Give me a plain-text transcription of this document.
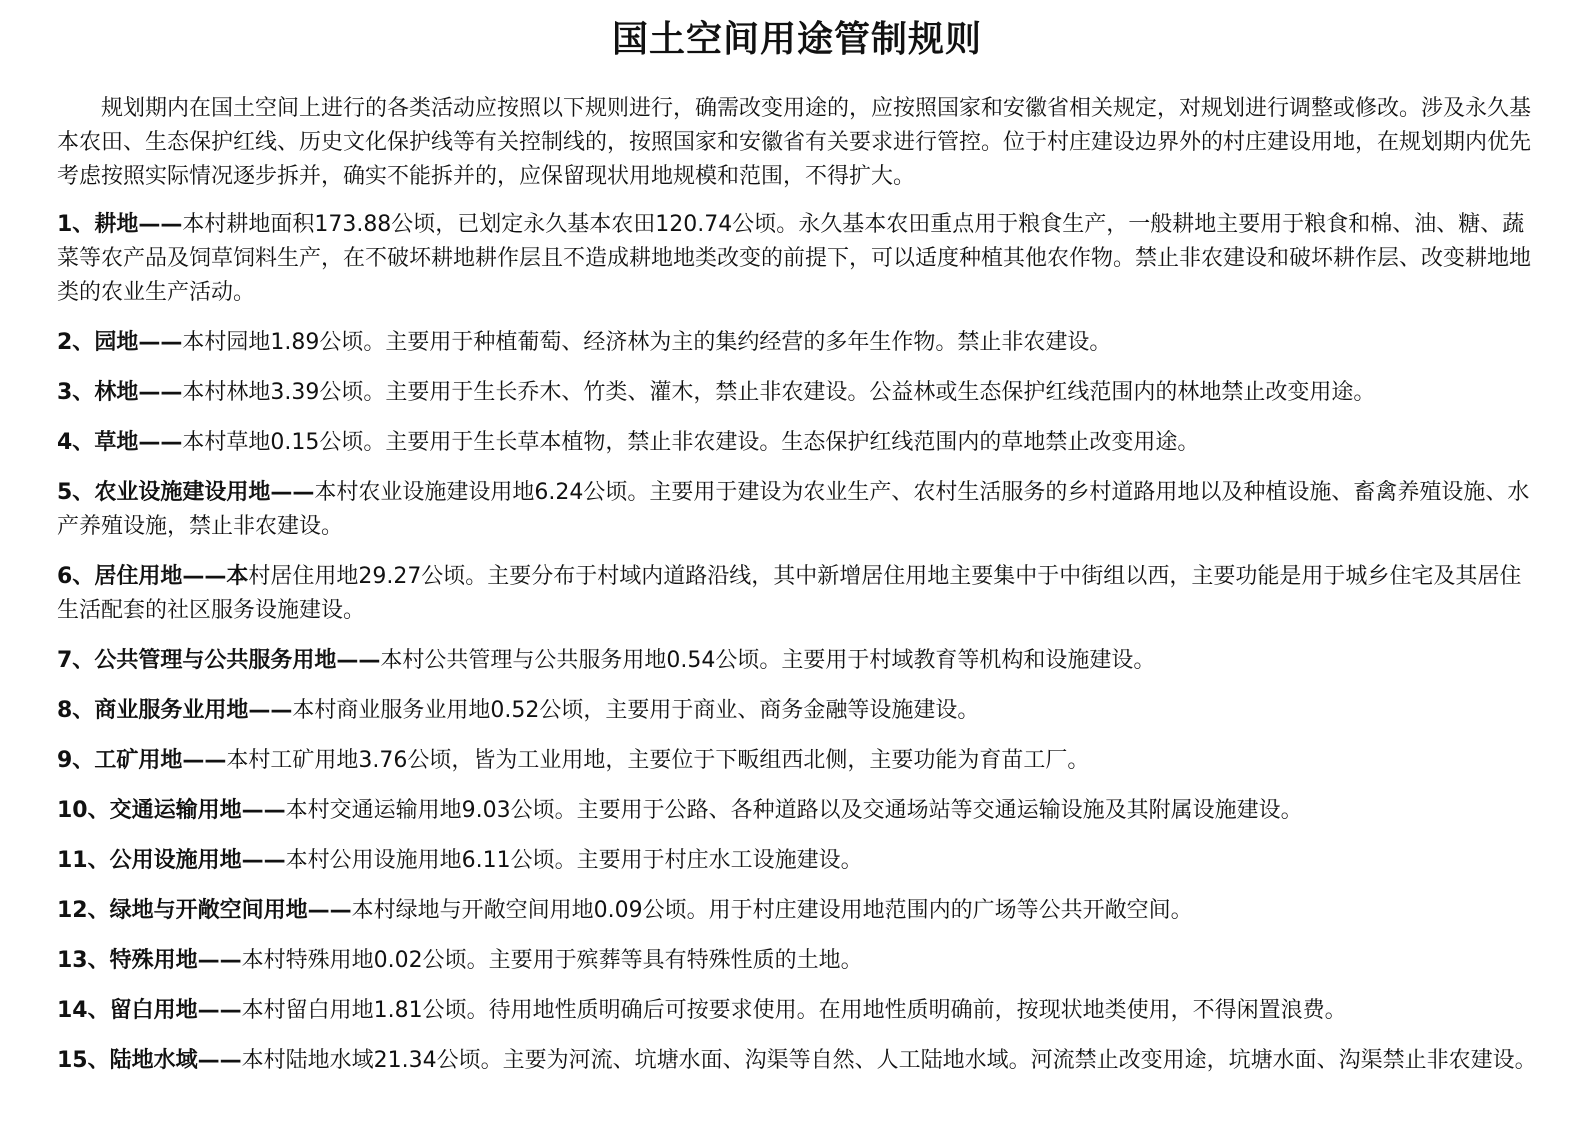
国土空间用途管制规则

规划期内在国土空间上进行的各类活动应按照以下规则进行，确需改变用途的，应按照国家和安徽省相关规定，对规划进行调整或修改。涉及永久基本农田、生态保护红线、历史文化保护线等有关控制线的，按照国家和安徽省有关要求进行管控。位于村庄建设边界外的村庄建设用地，在规划期内优先考虑按照实际情况逐步拆并，确实不能拆并的，应保留现状用地规模和范围，不得扩大。

1、耕地——本村耕地面积173.88公顷，已划定永久基本农田120.74公顷。永久基本农田重点用于粮食生产，一般耕地主要用于粮食和棉、油、糖、蔬菜等农产品及饲草饲料生产，在不破坏耕地耕作层且不造成耕地地类改变的前提下，可以适度种植其他农作物。禁止非农建设和破坏耕作层、改变耕地地类的农业生产活动。

2、园地——本村园地1.89公顷。主要用于种植葡萄、经济林为主的集约经营的多年生作物。禁止非农建设。

3、林地——本村林地3.39公顷。主要用于生长乔木、竹类、灌木，禁止非农建设。公益林或生态保护红线范围内的林地禁止改变用途。

4、草地——本村草地0.15公顷。主要用于生长草本植物，禁止非农建设。生态保护红线范围内的草地禁止改变用途。

5、农业设施建设用地——本村农业设施建设用地6.24公顷。主要用于建设为农业生产、农村生活服务的乡村道路用地以及种植设施、畜禽养殖设施、水产养殖设施，禁止非农建设。

6、居住用地——本村居住用地29.27公顷。主要分布于村域内道路沿线，其中新增居住用地主要集中于中街组以西，主要功能是用于城乡住宅及其居住生活配套的社区服务设施建设。

7、公共管理与公共服务用地——本村公共管理与公共服务用地0.54公顷。主要用于村域教育等机构和设施建设。

8、商业服务业用地——本村商业服务业用地0.52公顷，主要用于商业、商务金融等设施建设。

9、工矿用地——本村工矿用地3.76公顷，皆为工业用地，主要位于下畈组西北侧，主要功能为育苗工厂。

10、交通运输用地——本村交通运输用地9.03公顷。主要用于公路、各种道路以及交通场站等交通运输设施及其附属设施建设。

11、公用设施用地——本村公用设施用地6.11公顷。主要用于村庄水工设施建设。

12、绿地与开敞空间用地——本村绿地与开敞空间用地0.09公顷。用于村庄建设用地范围内的广场等公共开敞空间。

13、特殊用地——本村特殊用地0.02公顷。主要用于殡葬等具有特殊性质的土地。

14、留白用地——本村留白用地1.81公顷。待用地性质明确后可按要求使用。在用地性质明确前，按现状地类使用，不得闲置浪费。

15、陆地水域——本村陆地水域21.34公顷。主要为河流、坑塘水面、沟渠等自然、人工陆地水域。河流禁止改变用途，坑塘水面、沟渠禁止非农建设。
